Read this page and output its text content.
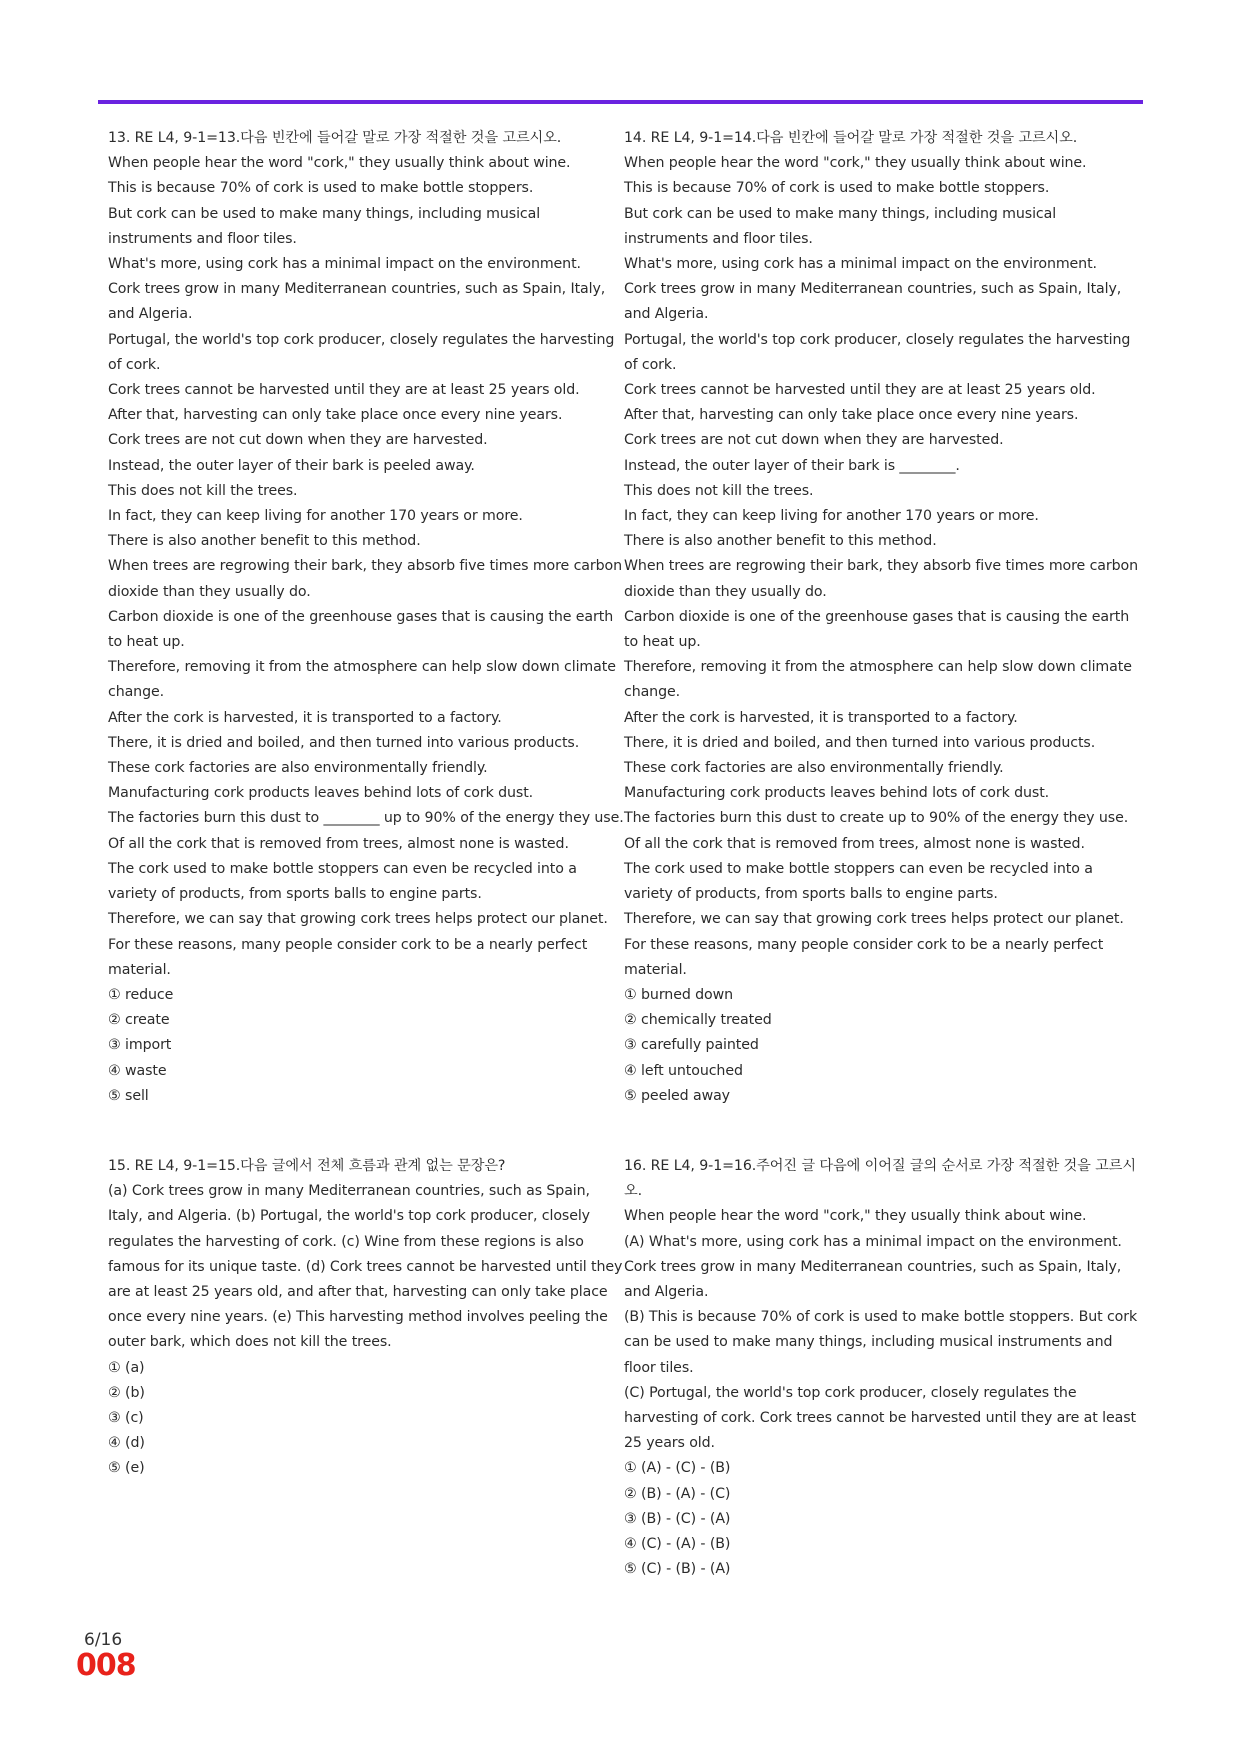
13. RE L4, 9-1=13.다음 빈칸에 들어갈 말로 가장 적절한 것을 고르시오.

When people hear the word "cork," they usually think about wine.

This is because 70% of cork is used to make bottle stoppers.

But cork can be used to make many things, including musical instruments and floor tiles.

What's more, using cork has a minimal impact on the environment.

Cork trees grow in many Mediterranean countries, such as Spain, Italy, and Algeria.

Portugal, the world's top cork producer, closely regulates the harvesting of cork.

Cork trees cannot be harvested until they are at least 25 years old.

After that, harvesting can only take place once every nine years.

Cork trees are not cut down when they are harvested.

Instead, the outer layer of their bark is peeled away.

This does not kill the trees.

In fact, they can keep living for another 170 years or more.

There is also another benefit to this method.

When trees are regrowing their bark, they absorb five times more carbon dioxide than they usually do.

Carbon dioxide is one of the greenhouse gases that is causing the earth to heat up.

Therefore, removing it from the atmosphere can help slow down climate change.

After the cork is harvested, it is transported to a factory.

There, it is dried and boiled, and then turned into various products.

These cork factories are also environmentally friendly.

Manufacturing cork products leaves behind lots of cork dust.

The factories burn this dust to ________ up to 90% of the energy they use.

Of all the cork that is removed from trees, almost none is wasted.

The cork used to make bottle stoppers can even be recycled into a variety of products, from sports balls to engine parts.

Therefore, we can say that growing cork trees helps protect our planet.

For these reasons, many people consider cork to be a nearly perfect material.

① reduce

② create

③ import

④ waste

⑤ sell

14. RE L4, 9-1=14.다음 빈칸에 들어갈 말로 가장 적절한 것을 고르시오.

When people hear the word "cork," they usually think about wine.

This is because 70% of cork is used to make bottle stoppers.

But cork can be used to make many things, including musical instruments and floor tiles.

What's more, using cork has a minimal impact on the environment.

Cork trees grow in many Mediterranean countries, such as Spain, Italy, and Algeria.

Portugal, the world's top cork producer, closely regulates the harvesting of cork.

Cork trees cannot be harvested until they are at least 25 years old.

After that, harvesting can only take place once every nine years.

Cork trees are not cut down when they are harvested.

Instead, the outer layer of their bark is ________.

This does not kill the trees.

In fact, they can keep living for another 170 years or more.

There is also another benefit to this method.

When trees are regrowing their bark, they absorb five times more carbon dioxide than they usually do.

Carbon dioxide is one of the greenhouse gases that is causing the earth to heat up.

Therefore, removing it from the atmosphere can help slow down climate change.

After the cork is harvested, it is transported to a factory.

There, it is dried and boiled, and then turned into various products.

These cork factories are also environmentally friendly.

Manufacturing cork products leaves behind lots of cork dust.

The factories burn this dust to create up to 90% of the energy they use.

Of all the cork that is removed from trees, almost none is wasted.

The cork used to make bottle stoppers can even be recycled into a variety of products, from sports balls to engine parts.

Therefore, we can say that growing cork trees helps protect our planet.

For these reasons, many people consider cork to be a nearly perfect material.

① burned down

② chemically treated

③ carefully painted

④ left untouched

⑤ peeled away

15. RE L4, 9-1=15.다음 글에서 전체 흐름과 관계 없는 문장은?

(a) Cork trees grow in many Mediterranean countries, such as Spain, Italy, and Algeria. (b) Portugal, the world's top cork producer, closely regulates the harvesting of cork. (c) Wine from these regions is also famous for its unique taste. (d) Cork trees cannot be harvested until they are at least 25 years old, and after that, harvesting can only take place once every nine years. (e) This harvesting method involves peeling the outer bark, which does not kill the trees.

① (a)

② (b)

③ (c)

④ (d)

⑤ (e)

16. RE L4, 9-1=16.주어진 글 다음에 이어질 글의 순서로 가장 적절한 것을 고르시오.

When people hear the word "cork," they usually think about wine.

(A) What's more, using cork has a minimal impact on the environment. Cork trees grow in many Mediterranean countries, such as Spain, Italy, and Algeria.

(B) This is because 70% of cork is used to make bottle stoppers. But cork can be used to make many things, including musical instruments and floor tiles.

(C) Portugal, the world's top cork producer, closely regulates the harvesting of cork. Cork trees cannot be harvested until they are at least 25 years old.

① (A) - (C) - (B)

② (B) - (A) - (C)

③ (B) - (C) - (A)

④ (C) - (A) - (B)

⑤ (C) - (B) - (A)

6/16
008
